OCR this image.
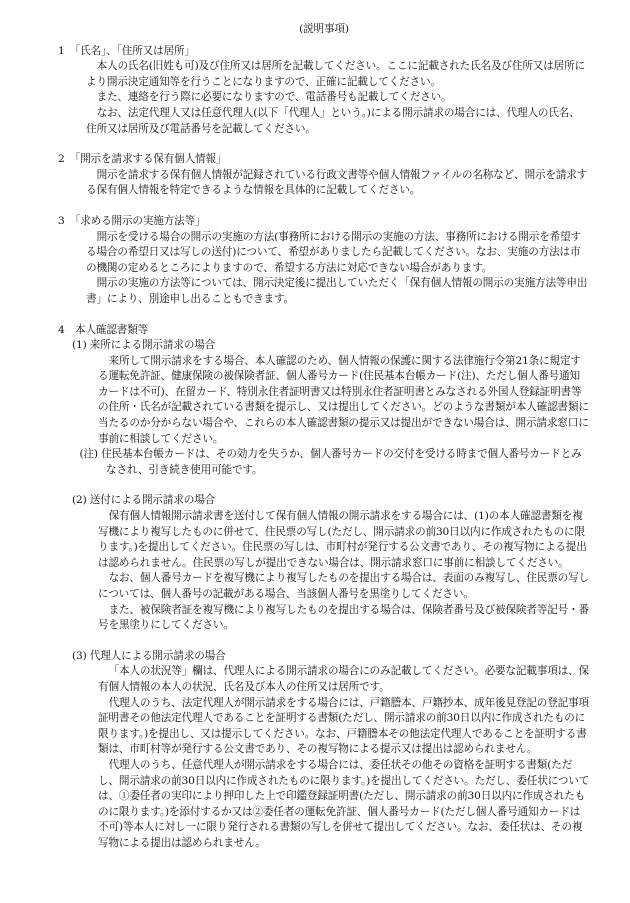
(説明事項)
1　「氏名」、「住所又は居所」

本人の氏名(旧姓も可)及び住所又は居所を記載してください。ここに記載された氏名及び住所又は居所により開示決定通知等を行うことになりますので、正確に記載してください。

また、連絡を行う際に必要になりますので、電話番号も記載してください。

なお、法定代理人又は任意代理人(以下「代理人」という。)による開示請求の場合には、代理人の氏名、住所又は居所及び電話番号を記載してください。

2　「開示を請求する保有個人情報」

開示を請求する保有個人情報が記録されている行政文書等や個人情報ファイルの名称など、開示を請求する保有個人情報を特定できるような情報を具体的に記載してください。

3　「求める開示の実施方法等」

開示を受ける場合の開示の実施の方法(事務所における開示の実施の方法、事務所における開示を希望する場合の希望日又は写しの送付)について、希望がありましたら記載してください。なお、実施の方法は市の機関の定めるところによりますので、希望する方法に対応できない場合があります。

開示の実施の方法等については、開示決定後に提出していただく「保有個人情報の開示の実施方法等申出書」により、別途申し出ることもできます。

4　本人確認書類等
(1) 来所による開示請求の場合

来所して開示請求をする場合、本人確認のため、個人情報の保護に関する法律施行令第21条に規定する運転免許証、健康保険の被保険者証、個人番号カード(住民基本台帳カード(注)、ただし個人番号通知カードは不可)、在留カード、特別永住者証明書又は特別永住者証明書とみなされる外国人登録証明書等の住所・氏名が記載されている書類を提示し、又は提出してください。どのような書類が本人確認書類に当たるのか分からない場合や、これらの本人確認書類の提示又は提出ができない場合は、開示請求窓口に事前に相談してください。

(注) 住民基本台帳カードは、その効力を失うか、個人番号カードの交付を受ける時まで個人番号カードとみなされ、引き続き使用可能です。

(2) 送付による開示請求の場合

保有個人情報開示請求書を送付して保有個人情報の開示請求をする場合には、(1)の本人確認書類を複写機により複写したものに併せて、住民票の写し(ただし、開示請求の前30日以内に作成されたものに限ります。)を提出してください。住民票の写しは、市町村が発行する公文書であり、その複写物による提出は認められません。住民票の写しが提出できない場合は、開示請求窓口に事前に相談してください。

なお、個人番号カードを複写機により複写したものを提出する場合は、表面のみ複写し、住民票の写しについては、個人番号の記載がある場合、当該個人番号を黒塗りしてください。

また、被保険者証を複写機により複写したものを提出する場合は、保険者番号及び被保険者等記号・番号を黒塗りにしてください。

(3) 代理人による開示請求の場合

「本人の状況等」欄は、代理人による開示請求の場合にのみ記載してください。必要な記載事項は、保有個人情報の本人の状況、氏名及び本人の住所又は居所です。

代理人のうち、法定代理人が開示請求をする場合には、戸籍謄本、戸籍抄本、成年後見登記の登記事項証明書その他法定代理人であることを証明する書類(ただし、開示請求の前30日以内に作成されたものに限ります。)を提出し、又は提示してください。なお、戸籍謄本その他法定代理人であることを証明する書類は、市町村等が発行する公文書であり、その複写物による提示又は提出は認められません。

代理人のうち、任意代理人が開示請求をする場合には、委任状その他その資格を証明する書類(ただし、開示請求の前30日以内に作成されたものに限ります。)を提出してください。ただし、委任状については、①委任者の実印により押印した上で印鑑登録証明書(ただし、開示請求の前30日以内に作成されたものに限ります。)を添付するか又は②委任者の運転免許証、個人番号カード(ただし個人番号通知カードは不可)等本人に対し一に限り発行される書類の写しを併せて提出してください。なお、委任状は、その複写物による提出は認められません。
